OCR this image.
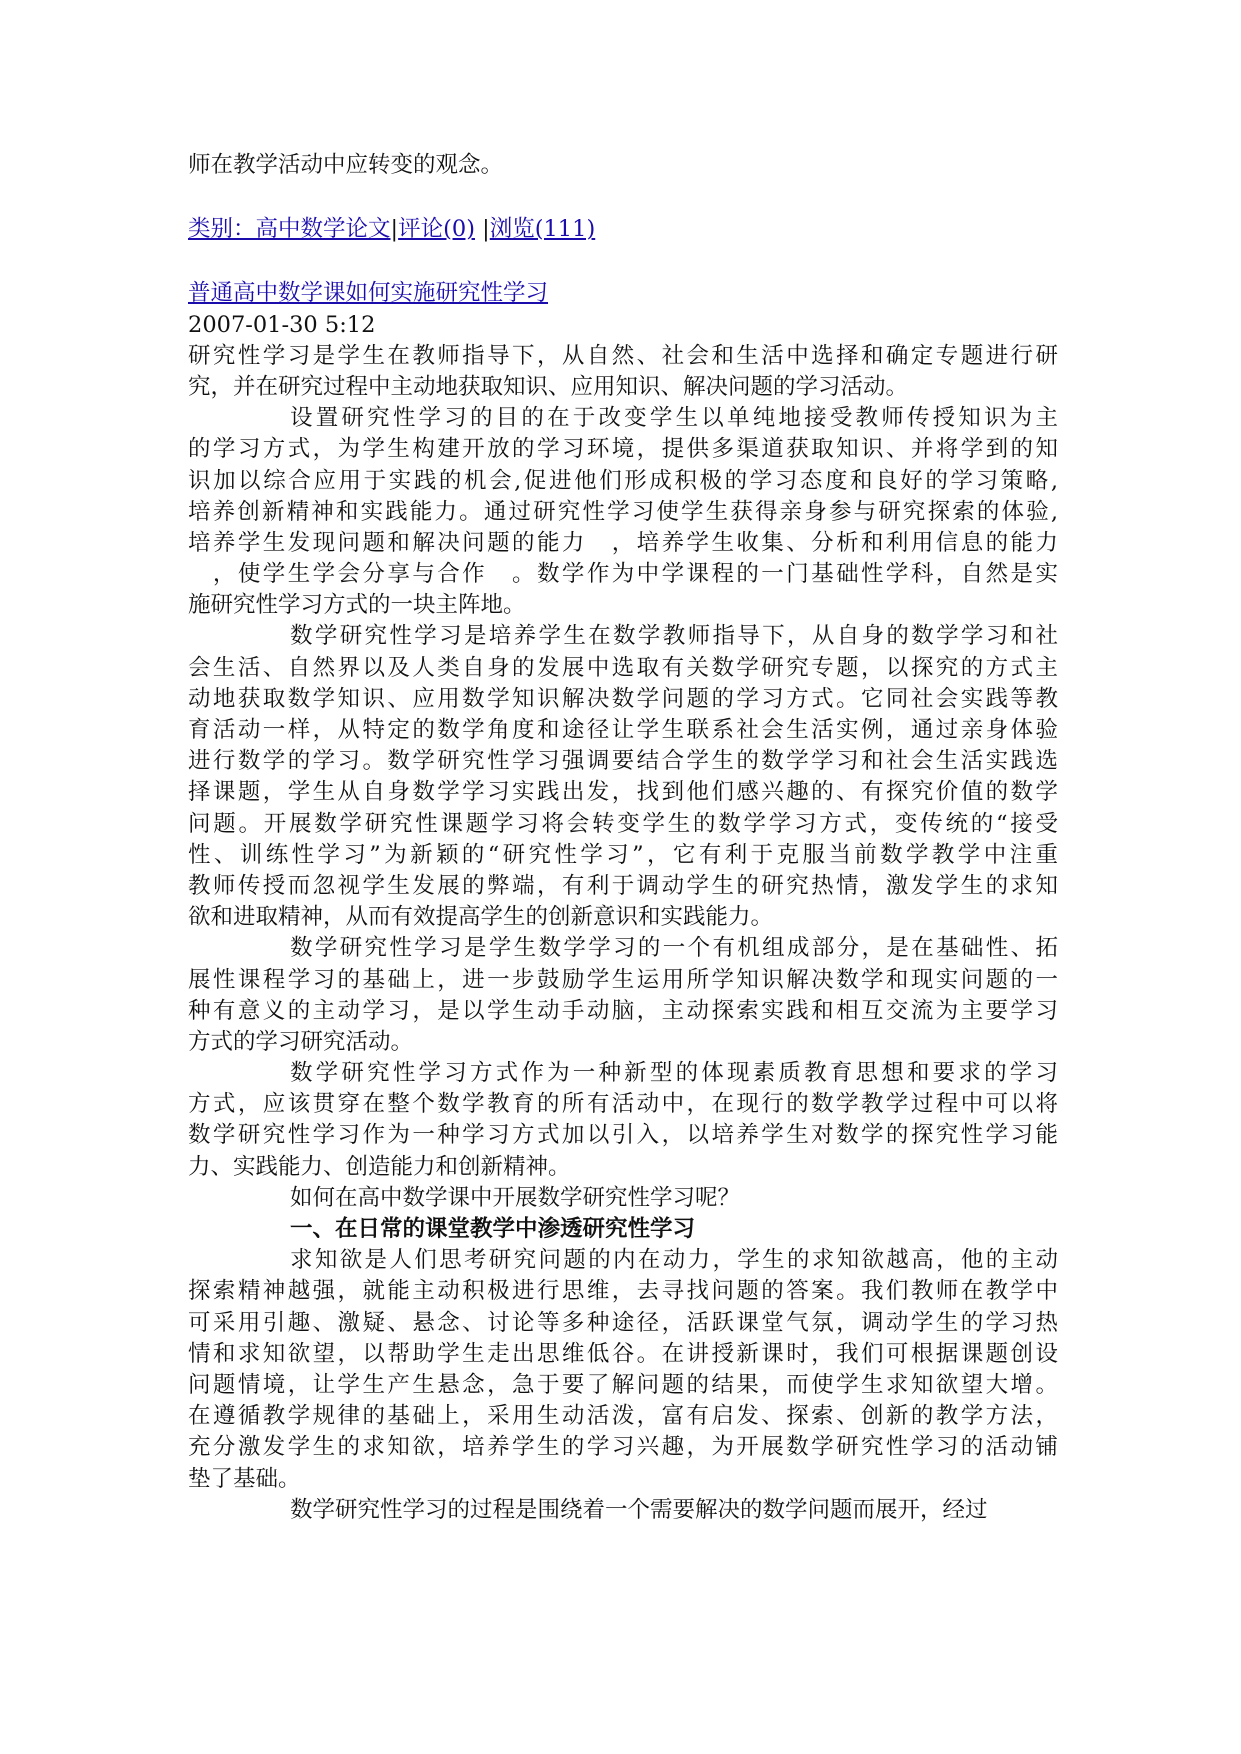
师在教学活动中应转变的观念。
类别：高中数学论文|评论(0) |浏览(111)
普通高中数学课如何实施研究性学习
2007-01-30 5:12
研究性学习是学生在教师指导下，从自然、社会和生活中选择和确定专题进行研
究，并在研究过程中主动地获取知识、应用知识、解决问题的学习活动。
设置研究性学习的目的在于改变学生以单纯地接受教师传授知识为主
的学习方式，为学生构建开放的学习环境，提供多渠道获取知识、并将学到的知
识加以综合应用于实践的机会,促进他们形成积极的学习态度和良好的学习策略,
培养创新精神和实践能力。通过研究性学习使学生获得亲身参与研究探索的体验,
培养学生发现问题和解决问题的能力　，培养学生收集、分析和利用信息的能力
　，使学生学会分享与合作　。数学作为中学课程的一门基础性学科，自然是实
施研究性学习方式的一块主阵地。
数学研究性学习是培养学生在数学教师指导下，从自身的数学学习和社
会生活、自然界以及人类自身的发展中选取有关数学研究专题，以探究的方式主
动地获取数学知识、应用数学知识解决数学问题的学习方式。它同社会实践等教
育活动一样，从特定的数学角度和途径让学生联系社会生活实例，通过亲身体验
进行数学的学习。数学研究性学习强调要结合学生的数学学习和社会生活实践选
择课题，学生从自身数学学习实践出发，找到他们感兴趣的、有探究价值的数学
问题。开展数学研究性课题学习将会转变学生的数学学习方式，变传统的“接受
性、训练性学习”为新颖的“研究性学习”，它有利于克服当前数学教学中注重
教师传授而忽视学生发展的弊端，有利于调动学生的研究热情，激发学生的求知
欲和进取精神，从而有效提高学生的创新意识和实践能力。
数学研究性学习是学生数学学习的一个有机组成部分，是在基础性、拓
展性课程学习的基础上，进一步鼓励学生运用所学知识解决数学和现实问题的一
种有意义的主动学习，是以学生动手动脑，主动探索实践和相互交流为主要学习
方式的学习研究活动。
数学研究性学习方式作为一种新型的体现素质教育思想和要求的学习
方式，应该贯穿在整个数学教育的所有活动中，在现行的数学教学过程中可以将
数学研究性学习作为一种学习方式加以引入，以培养学生对数学的探究性学习能
力、实践能力、创造能力和创新精神。
如何在高中数学课中开展数学研究性学习呢？
一、在日常的课堂教学中渗透研究性学习
求知欲是人们思考研究问题的内在动力，学生的求知欲越高，他的主动
探索精神越强，就能主动积极进行思维，去寻找问题的答案。我们教师在教学中
可采用引趣、激疑、悬念、讨论等多种途径，活跃课堂气氛，调动学生的学习热
情和求知欲望，以帮助学生走出思维低谷。在讲授新课时，我们可根据课题创设
问题情境，让学生产生悬念，急于要了解问题的结果，而使学生求知欲望大增。
在遵循教学规律的基础上，采用生动活泼，富有启发、探索、创新的教学方法，
充分激发学生的求知欲，培养学生的学习兴趣，为开展数学研究性学习的活动铺
垫了基础。
数学研究性学习的过程是围绕着一个需要解决的数学问题而展开，经过
